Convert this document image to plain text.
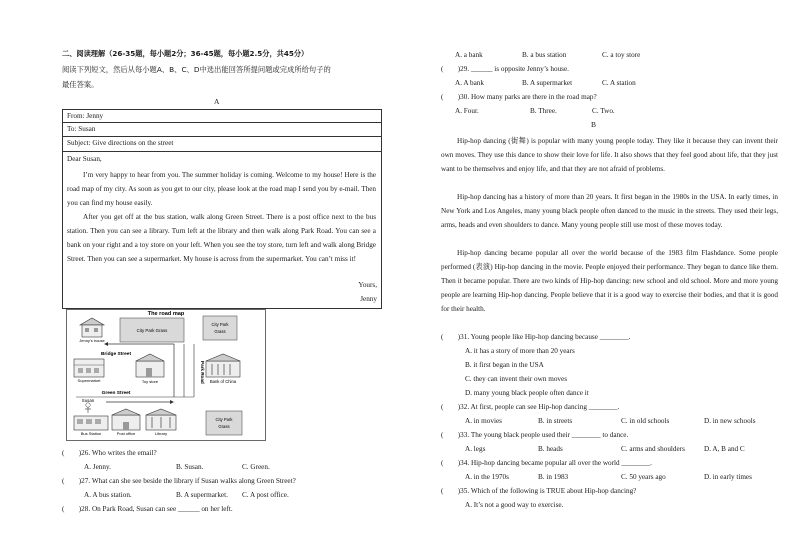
二、阅读理解（26-35题，每小题2分；36-45题，每小题2.5分，共45分）
阅读下列短文，然后从每小题A、B、C、D中选出能回答所提问题或完成所给句子的
最佳答案。
A
From: Jenny
To: Susan
Subject: Give directions on the street
Dear Susan,
I’m very happy to hear from you. The summer holiday is coming. Welcome to my house! Here is the road map of my city. As soon as you get to our city, please look at the road map I send you by e-mail. Then you can find my house easily.
After you get off at the bus station, walk along Green Street. There is a post office next to the bus station. Then you can see a library. Turn left at the library and then walk along Park Road. You can see a bank on your right and a toy store on your left. When you see the toy store, turn left and walk along Bridge Street. Then you can see a supermarket. My house is across from the supermarket. You can’t miss it!
Yours,
Jenny
The road map
Jenny’s house
City Park Grass
City Park
Grass
Park Road
Bridge Street
Supermarket	Toy store	Bank of China
Green Street
Susan
Bus Station	Post office	Library
City Park
Grass
(　　)26. Who writes the email?
A. Jenny.	B. Susan.	C. Green.
(　　)27. What can she see beside the library if Susan walks along Green Street?
A. A bus station.	B. A supermarket. C. A post office.
(　　)28. On Park Road, Susan can see ______ on her left.
A. a bank	B. a bus station	C. a toy store
(　　)29. ______ is opposite Jenny’s house.
A. A bank	B. A supermarket	C. A station
(　　)30. How many parks are there in the road map?
A. Four.	B. Three.	C. Two.
B
Hip-hop dancing (街舞) is popular with many young people today. They like it because they can invent their own moves. They use this dance to show their love for life. It also shows that they feel good about life, that they just want to be themselves and enjoy life, and that they are not afraid of problems.
Hip-hop dancing has a history of more than 20 years. It first began in the 1980s in the USA. In early times, in New York and Los Angeles, many young black people often danced to the music in the streets. They used their legs, arms, heads and even shoulders to dance. Many young people still use most of these moves today.
Hip-hop dancing became popular all over the world because of the 1983 film Flashdance. Some people performed (表演) Hip-hop dancing in the movie. People enjoyed their performance. They began to dance like them. Then it became popular. There are two kinds of Hip-hop dancing: new school and old school. More and more young people are learning Hip-hop dancing. People believe that it is a good way to exercise their bodies, and that it is good for their health.
(　　)31. Young people like Hip-hop dancing because ________.
A. it has a story of more than 20 years
B. it first began in the USA
C. they can invent their own moves
D. many young black people often dance it
(　　)32. At first, people can see Hip-hop dancing ________.
A. in movies	B. in streets	C. in old schools	D. in new schools
(　　)33. The young black people used their ________ to dance.
A. legs	B. heads	C. arms and shoulders	D. A, B and C
(　　)34. Hip-hop dancing became popular all over the world ________.
A. in the 1970s	B. in 1983	C. 50 years ago	D. in early times
(　　)35. Which of the following is TRUE about Hip-hop dancing?
A. It’s not a good way to exercise.
